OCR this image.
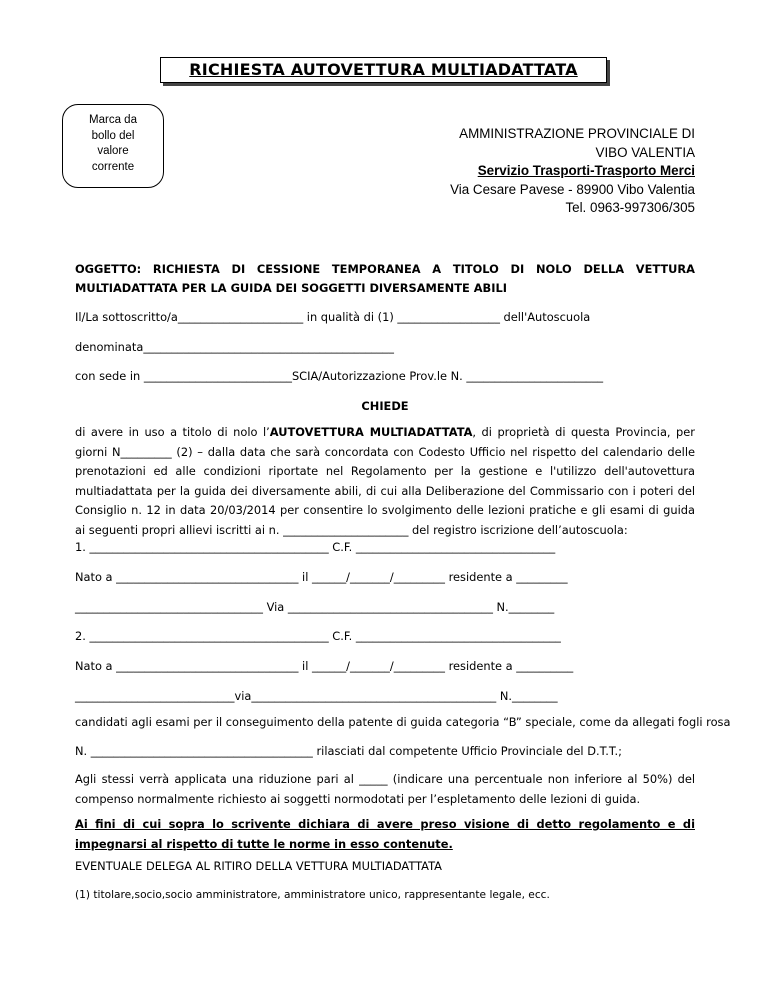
RICHIESTA AUTOVETTURA MULTIADATTATA
Marca da
bollo del
valore
corrente
AMMINISTRAZIONE PROVINCIALE DI
VIBO VALENTIA
Servizio Trasporti-Trasporto Merci
Via Cesare Pavese - 89900 Vibo Valentia
Tel. 0963-997306/305
OGGETTO: RICHIESTA DI CESSIONE TEMPORANEA A TITOLO DI NOLO DELLA VETTURA
MULTIADATTATA PER LA GUIDA DEI SOGGETTI DIVERSAMENTE ABILI
Il/La sottoscritto/a______________________ in qualità di (1) __________________ dell'Autoscuola
denominata____________________________________________
con sede in __________________________SCIA/Autorizzazione Prov.le N. ________________________
CHIEDE
di avere in uso a titolo di nolo l’AUTOVETTURA MULTIADATTATA, di proprietà di questa Provincia, per giorni N_________ (2) – dalla data che sarà concordata con Codesto Ufficio nel rispetto del calendario delle prenotazioni ed alle condizioni riportate nel Regolamento per la gestione e l'utilizzo dell'autovettura multiadattata per la guida dei diversamente abili, di cui alla Deliberazione del Commissario con i poteri del Consiglio n. 12 in data 20/03/2014 per consentire lo svolgimento delle lezioni pratiche e gli esami di guida ai seguenti propri allievi iscritti ai n. ______________________ del registro iscrizione dell’autoscuola:
1. __________________________________________ C.F. ___________________________________
Nato a ________________________________ il ______/_______/_________ residente a _________
_________________________________ Via ____________________________________ N.________
2. __________________________________________ C.F. ____________________________________
Nato a ________________________________ il ______/_______/_________ residente a __________
____________________________via___________________________________________ N.________
candidati agli esami per il conseguimento della patente di guida categoria “B” speciale, come da allegati fogli rosa
N. _______________________________________ rilasciati dal competente Ufficio Provinciale del D.T.T.;
Agli stessi verrà applicata una riduzione pari al _____ (indicare una percentuale non inferiore al 50%) del compenso normalmente richiesto ai soggetti normodotati per l’espletamento delle lezioni di guida.
Ai fini di cui sopra lo scrivente dichiara di avere preso visione di detto regolamento e di impegnarsi al rispetto di tutte le norme in esso contenute.
EVENTUALE DELEGA AL RITIRO DELLA VETTURA MULTIADATTATA
(1) titolare,socio,socio amministratore, amministratore unico, rappresentante legale, ecc.
